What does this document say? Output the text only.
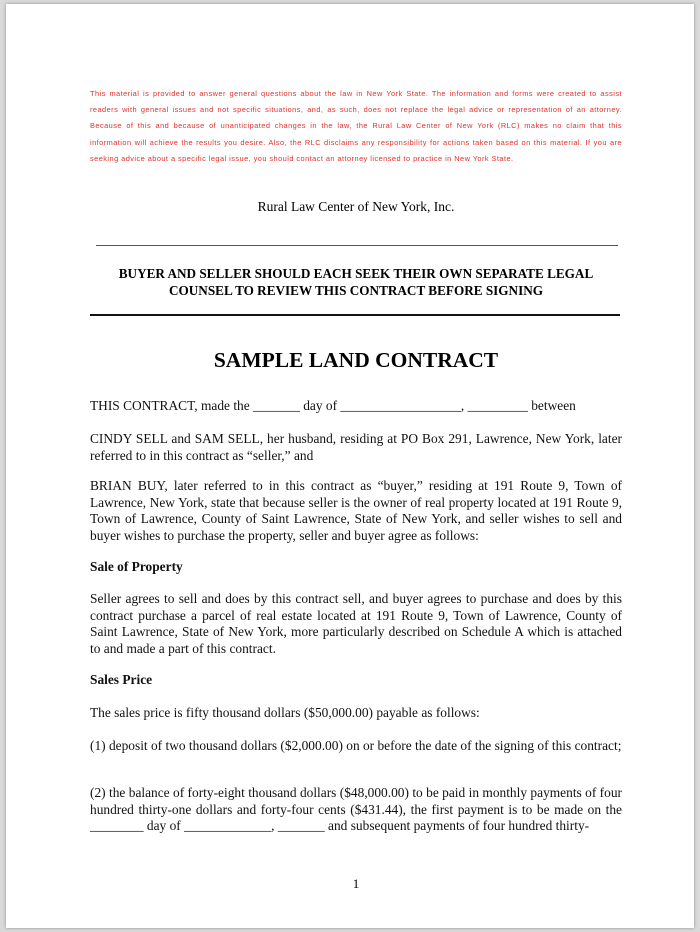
This material is provided to answer general questions about the law in New York State. The information and forms were created to assist readers with general issues and not specific situations, and, as such, does not replace the legal advice or representation of an attorney. Because of this and because of unanticipated changes in the law, the Rural Law Center of New York (RLC) makes no claim that this information will achieve the results you desire. Also, the RLC disclaims any responsibility for actions taken based on this material. If you are seeking advice about a specific legal issue, you should contact an attorney licensed to practice in New York State.

Rural Law Center of New York, Inc.

BUYER AND SELLER SHOULD EACH SEEK THEIR OWN SEPARATE LEGAL
COUNSEL TO REVIEW THIS CONTRACT BEFORE SIGNING

SAMPLE LAND CONTRACT

THIS CONTRACT, made the _______ day of __________________, _________ between

CINDY SELL and SAM SELL, her husband, residing at PO Box 291, Lawrence, New York, later referred to in this contract as “seller,” and

BRIAN BUY, later referred to in this contract as “buyer,” residing at 191 Route 9, Town of Lawrence, New York, state that because seller is the owner of real property located at 191 Route 9, Town of Lawrence, County of Saint Lawrence, State of New York, and seller wishes to sell and buyer wishes to purchase the property, seller and buyer agree as follows:

Sale of Property

Seller agrees to sell and does by this contract sell, and buyer agrees to purchase and does by this contract purchase a parcel of real estate located at 191 Route 9, Town of Lawrence, County of Saint Lawrence, State of New York, more particularly described on Schedule A which is attached to and made a part of this contract.

Sales Price

The sales price is fifty thousand dollars ($50,000.00) payable as follows:

(1) deposit of two thousand dollars ($2,000.00) on or before the date of the signing of this contract;

(2) the balance of forty-eight thousand dollars ($48,000.00) to be paid in monthly payments of four hundred thirty-one dollars and forty-four cents ($431.44), the first payment is to be made on the ________ day of _____________, _______ and subsequent payments of four hundred thirty-

1
